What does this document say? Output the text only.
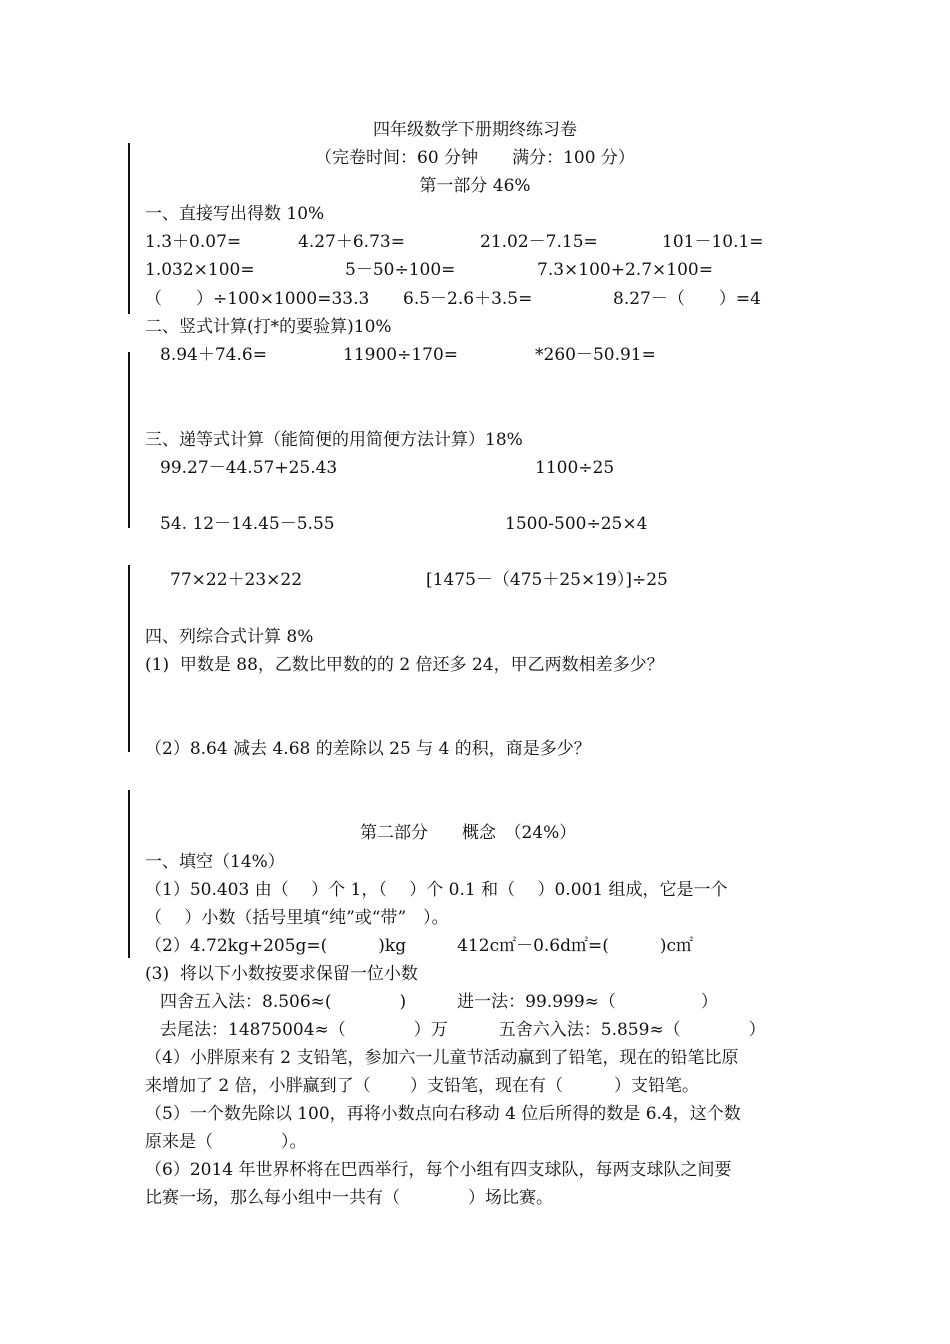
四年级数学下册期终练习卷
（完卷时间：60 分钟　　满分：100 分）
第一部分 46%
一、直接写出得数 10%
1.3＋0.07=	4.27＋6.73=	21.02－7.15=	101－10.1=
1.032×100=	5－50÷100=	7.3×100+2.7×100=
（　　）÷100×1000=33.3 6.5－2.6＋3.5=	8.27－（　　）=4
二、竖式计算(打*的要验算)10%
8.94＋74.6=	11900÷170=	*260－50.91=
三、递等式计算（能简便的用简便方法计算）18%
99.27－44.57+25.43	1100÷25
54. 12－14.45－5.55	1500-500÷25×4
77×22＋23×22	[1475－（475＋25×19）]÷25
四、列综合式计算 8%
(1)  甲数是 88，乙数比甲数的的 2 倍还多 24，甲乙两数相差多少？
（2）8.64 减去 4.68 的差除以 25 与 4 的积，商是多少？
第二部分　　概念　（24%）
一、填空（14%）
（1）50.403 由（　 ）个 1，（　 ）个 0.1 和（　 ）0.001 组成，它是一个
（　 ）小数（括号里填“纯”或“带”　）。
（2）4.72kg+205g=(　　　)kg　　　412c㎡－0.6d㎡=(　　　)c㎡
(3)  将以下小数按要求保留一位小数
四舍五入法：8.506≈(　　　　)　　　进一法：99.999≈（　　　　　）
去尾法：14875004≈（　　　　）万　　　五舍六入法：5.859≈（　　　　）
（4）小胖原来有 2 支铅笔，参加六一儿童节活动赢到了铅笔，现在的铅笔比原
来增加了 2 倍，小胖赢到了（　　 ）支铅笔，现在有（　　　）支铅笔。
（5）一个数先除以 100，再将小数点向右移动 4 位后所得的数是 6.4，这个数
原来是（　　　　）。
（6）2014 年世界杯将在巴西举行，每个小组有四支球队，每两支球队之间要
比赛一场，那么每小组中一共有（　　　　）场比赛。
